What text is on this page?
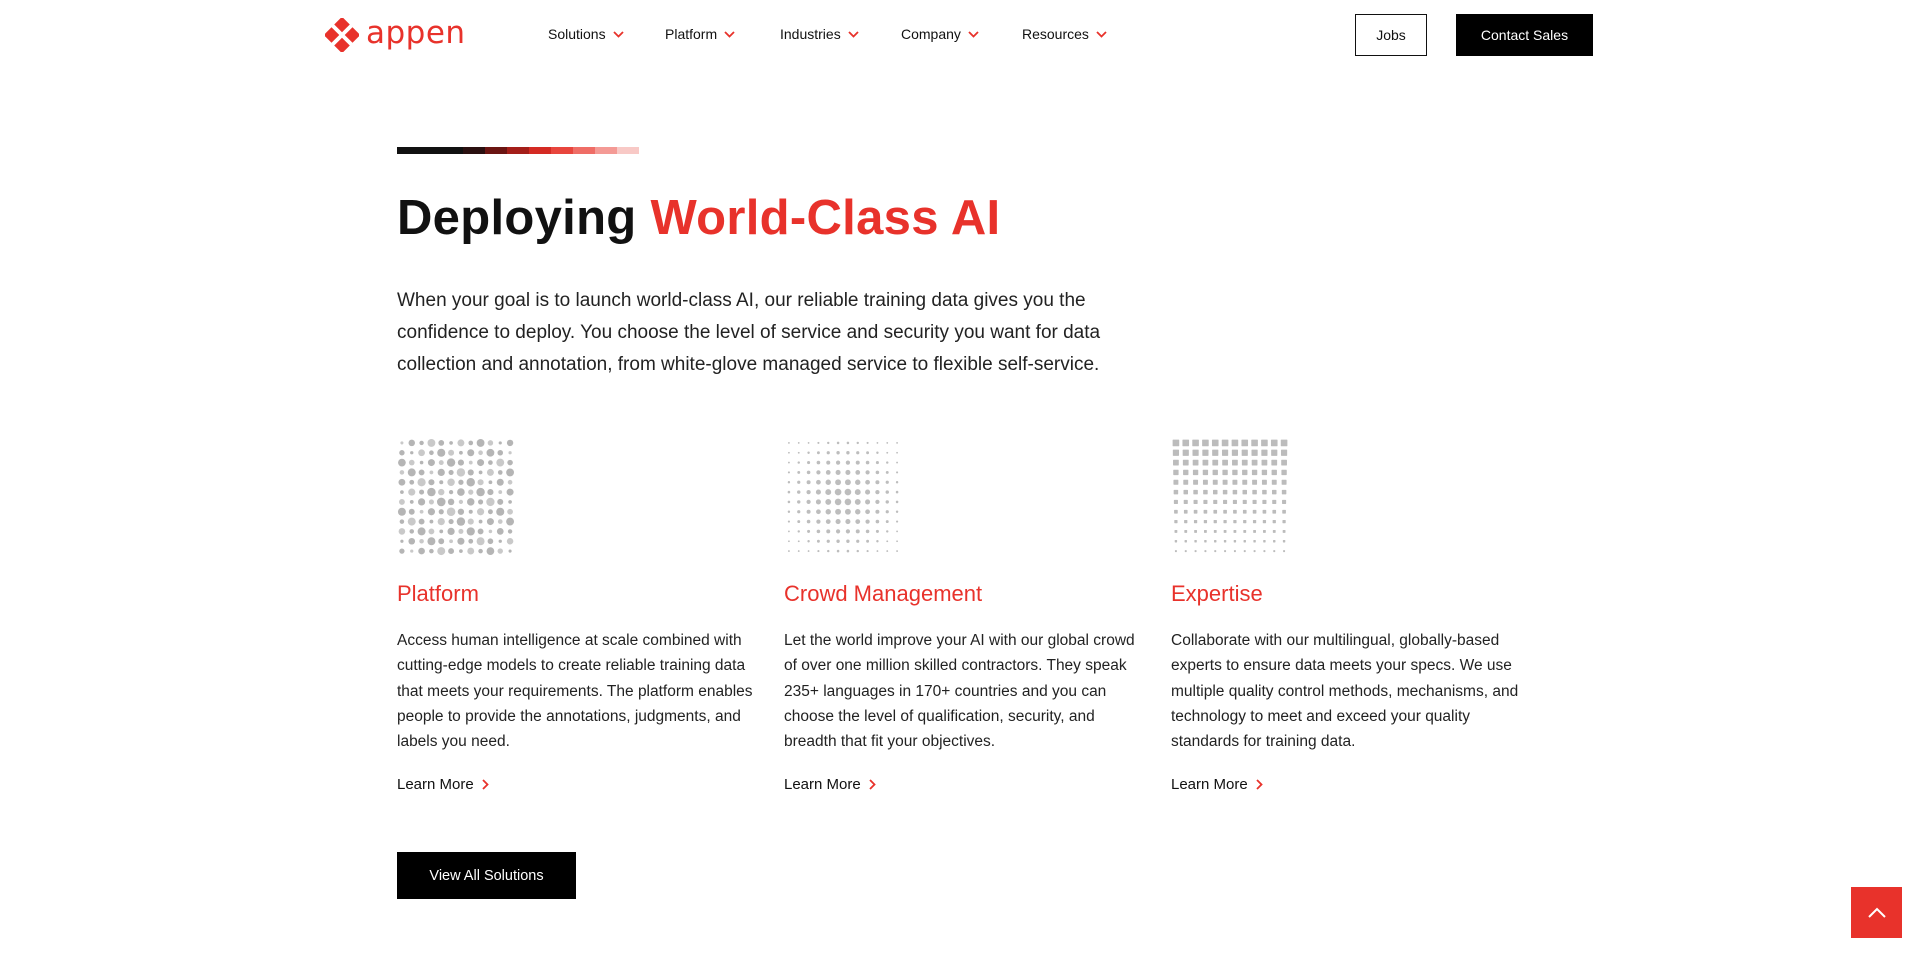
appen	Solutions	Platform	Industries	Company	Resources	Jobs	Contact Sales
Deploying World-Class AI

When your goal is to launch world-class AI, our reliable training data gives you the confidence to deploy. You choose the level of service and security you want for data collection and annotation, from white-glove managed service to flexible self-service.

Platform

Access human intelligence at scale combined with cutting-edge models to create reliable training data that meets your requirements. The platform enables people to provide the annotations, judgments, and labels you need.

Learn More
Crowd Management

Let the world improve your AI with our global crowd of over one million skilled contractors. They speak 235+ languages in 170+ countries and you can choose the level of qualification, security, and breadth that fit your objectives.

Learn More
Expertise

Collaborate with our multilingual, globally-based experts to ensure data meets your specs. We use multiple quality control methods, mechanisms, and technology to meet and exceed your quality standards for training data.

Learn More
View All Solutions
